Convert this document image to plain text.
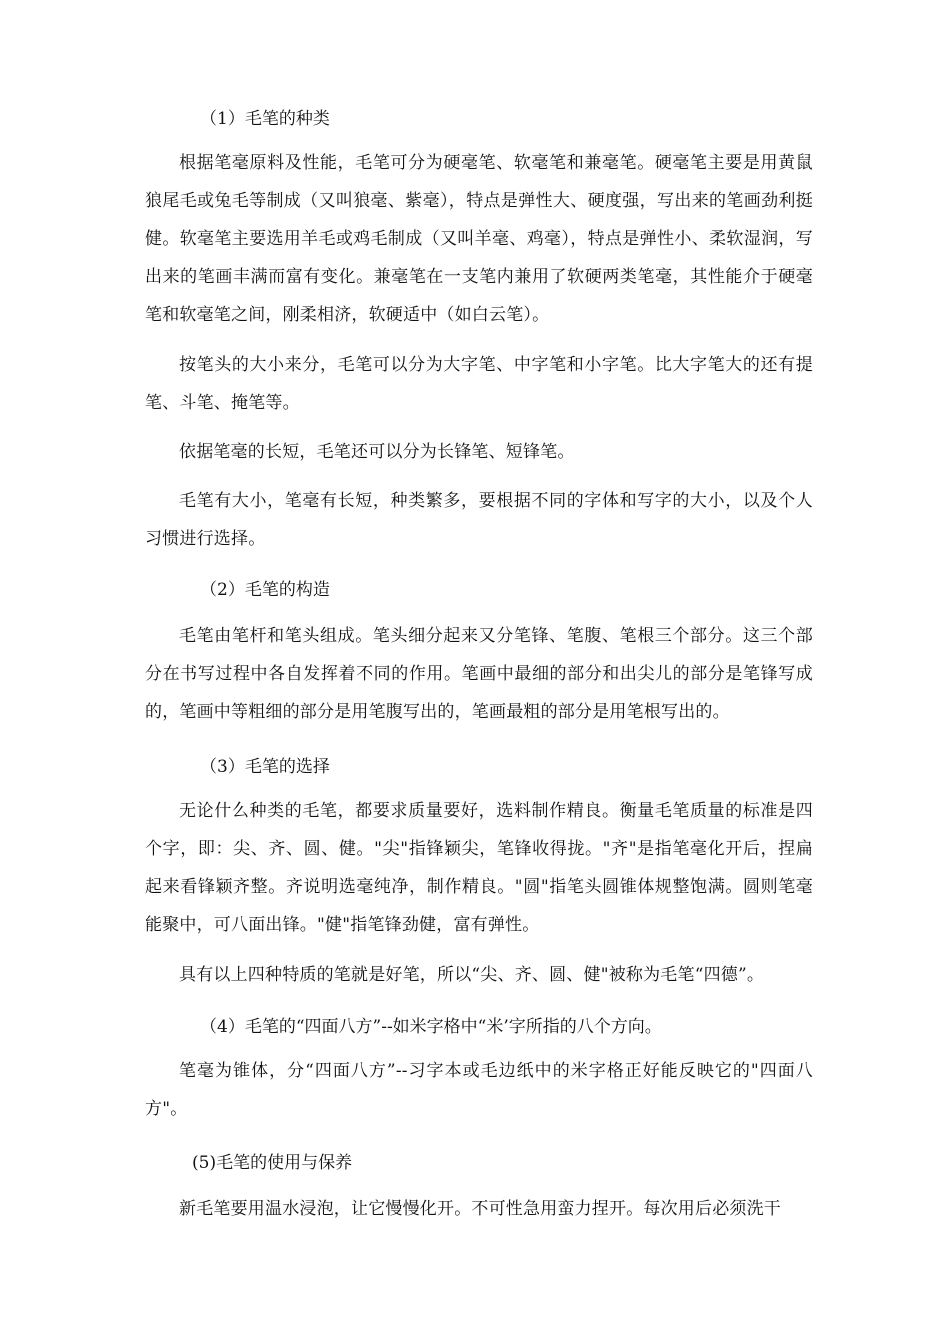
（1）毛笔的种类

根据笔毫原料及性能，毛笔可分为硬毫笔、软毫笔和兼毫笔。硬毫笔主要是用黄鼠狼尾毛或兔毛等制成（又叫狼毫、紫毫），特点是弹性大、硬度强，写出来的笔画劲利挺健。软毫笔主要选用羊毛或鸡毛制成（又叫羊毫、鸡毫），特点是弹性小、柔软湿润，写出来的笔画丰满而富有变化。兼毫笔在一支笔内兼用了软硬两类笔毫，其性能介于硬毫笔和软毫笔之间，刚柔相济，软硬适中（如白云笔）。

按笔头的大小来分，毛笔可以分为大字笔、中字笔和小字笔。比大字笔大的还有提笔、斗笔、掩笔等。

依据笔毫的长短，毛笔还可以分为长锋笔、短锋笔。

毛笔有大小，笔毫有长短，种类繁多，要根据不同的字体和写字的大小，以及个人习惯进行选择。

（2）毛笔的构造

毛笔由笔杆和笔头组成。笔头细分起来又分笔锋、笔腹、笔根三个部分。这三个部分在书写过程中各自发挥着不同的作用。笔画中最细的部分和出尖儿的部分是笔锋写成的，笔画中等粗细的部分是用笔腹写出的，笔画最粗的部分是用笔根写出的。

（3）毛笔的选择

无论什么种类的毛笔，都要求质量要好，选料制作精良。衡量毛笔质量的标准是四个字，即：尖、齐、圆、健。"尖"指锋颖尖，笔锋收得拢。"齐"是指笔毫化开后，捏扁起来看锋颖齐整。齐说明选毫纯净，制作精良。"圆"指笔头圆锥体规整饱满。圆则笔毫能聚中，可八面出锋。"健"指笔锋劲健，富有弹性。

具有以上四种特质的笔就是好笔，所以“尖、齐、圆、健"被称为毛笔“四德”。

（4）毛笔的“四面八方”--如米字格中“米’字所指的八个方向。

笔毫为锥体，分“四面八方”--习字本或毛边纸中的米字格正好能反映它的"四面八方"。

(5)毛笔的使用与保养

新毛笔要用温水浸泡，让它慢慢化开。不可性急用蛮力捏开。每次用后必须洗干
